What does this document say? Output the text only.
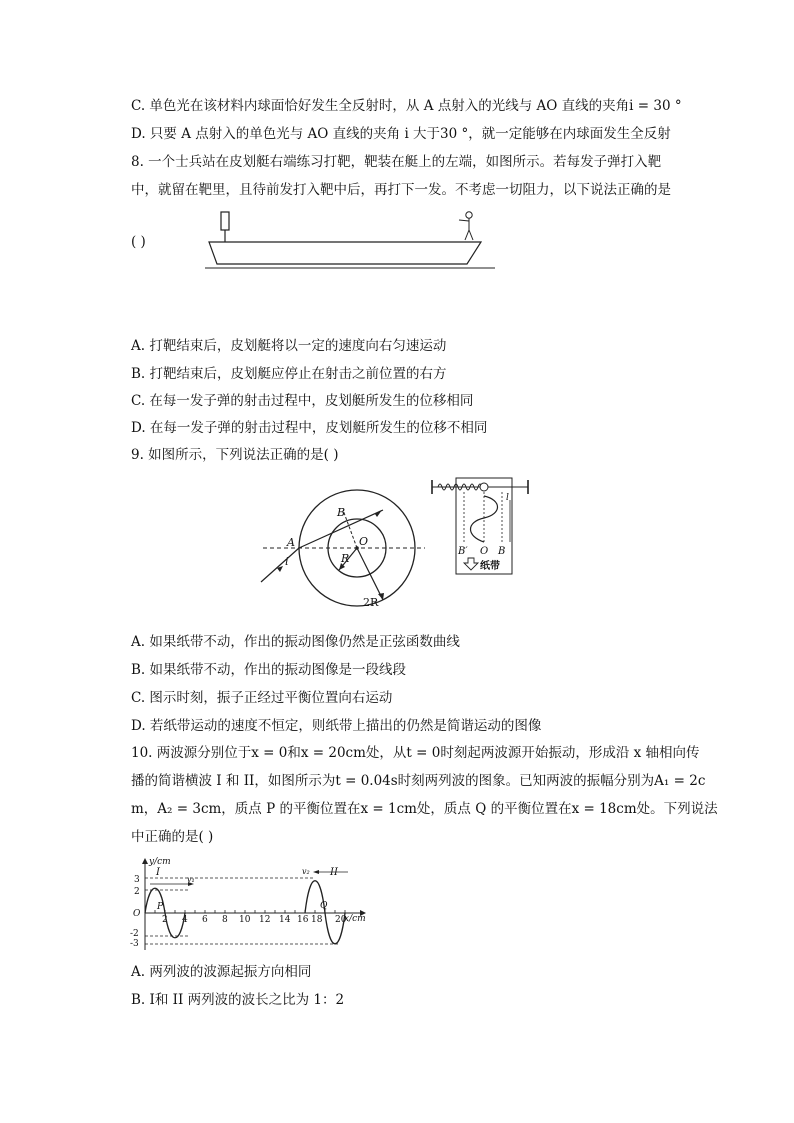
C. 单色光在该材料内球面恰好发生全反射时，从 A 点射入的光线与 AO 直线的夹角i = 30 °
D. 只要 A 点射入的单色光与 AO 直线的夹角 i 大于30 °，就一定能够在内球面发生全反射
8. 一个士兵站在皮划艇右端练习打靶，靶装在艇上的左端，如图所示。若每发子弹打入靶
中，就留在靶里，且待前发打入靶中后，再打下一发。不考虑一切阻力，以下说法正确的是
( )
A. 打靶结束后，皮划艇将以一定的速度向右匀速运动
B. 打靶结束后，皮划艇应停止在射击之前位置的右方
C. 在每一发子弹的射击过程中，皮划艇所发生的位移相同
D. 在每一发子弹的射击过程中，皮划艇所发生的位移不相同
9. 如图所示，下列说法正确的是( )
A
B
O
R
2R
i
l
B′ O B
纸带
A. 如果纸带不动，作出的振动图像仍然是正弦函数曲线
B. 如果纸带不动，作出的振动图像是一段线段
C. 图示时刻，振子正经过平衡位置向右运动
D. 若纸带运动的速度不恒定，则纸带上描出的仍然是简谐运动的图像
10. 两波源分别位于x = 0和x = 20cm处，从t = 0时刻起两波源开始振动，形成沿 x 轴相向传
播的简谐横波 I 和 II，如图所示为t = 0.04s时刻两列波的图象。已知两波的振幅分别为A₁ = 2c
m，A₂ = 3cm，质点 P 的平衡位置在x = 1cm处，质点 Q 的平衡位置在x = 18cm处。下列说法
中正确的是( )
y/cm
x/cm
3
2
O
-2
-3
2 4 6 8 10 12 14 16 18 20
I
v₁
II
v₂
P	Q
A. 两列波的波源起振方向相同
B. I和 II 两列波的波长之比为 1：2
